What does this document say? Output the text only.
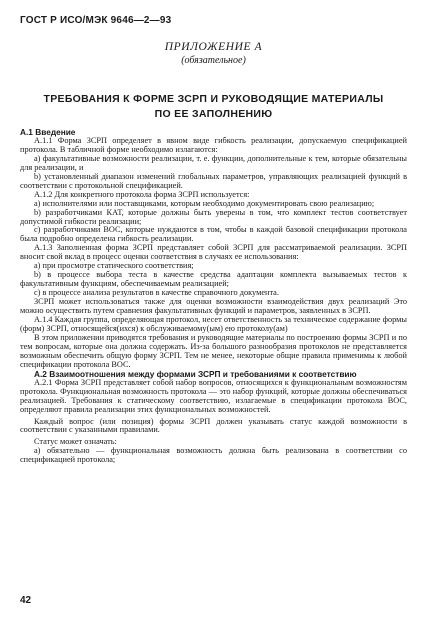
ГОСТ Р ИСО/МЭК 9646—2—93
ПРИЛОЖЕНИЕ А
(обязательное)
ТРЕБОВАНИЯ К ФОРМЕ ЗСРП И РУКОВОДЯЩИЕ МАТЕРИАЛЫ
ПО ЕЕ ЗАПОЛНЕНИЮ

А.1 Введение

А.1.1 Форма ЗСРП определяет в явном виде гибкость реализации, допускаемую спецификацией протокола. В табличной форме необходимо излагаются:

а) факультативные возможности реализации, т. е. функции, дополнительные к тем, которые обязательны для реализации, и

b) установленный диапазон изменений глобальных параметров, управляющих реализацией функций в соответствии с протокольной спецификацией.

А.1.2 Для конкретного протокола форма ЗСРП используется:

а) исполнителями или поставщиками, которым необходимо документировать свою реализацию;

b) разработчиками КАТ, которые должны быть уверены в том, что комплект тестов соответствует допустимой гибкости реализации;

c) разработчиками ВОС, которые нуждаются в том, чтобы в каждой базовой спецификации протокола была подробно определена гибкость реализации.

А.1.3 Заполненная форма ЗСРП представляет собой ЗСРП для рассматриваемой реализации. ЗСРП вносит свой вклад в процесс оценки соответствия в случаях ее использования:

а) при просмотре статического соответствия;

b) в процессе выбора теста в качестве средства адаптации комплекта вызываемых тестов к факультативным функциям, обеспечиваемым реализацией;

c) в процессе анализа результатов в качестве справочного документа.

ЗСРП может использоваться также для оценки возможности взаимодействия двух реализаций Это можно осуществить путем сравнения факультативных функций и параметров, заявленных в ЗСРП.

А.1.4 Каждая группа, определяющая протокол, несет ответственность за техническое содержание формы (форм) ЗСРП, относящейся(ихся) к обслуживаемому(ым) ею протоколу(ам)

В этом приложении приводятся требования и руководящие материалы по построению формы ЗСРП и по тем вопросам, которые она должна содержать. Из-за большого разнообразия протоколов не представляется возможным обеспечить общую форму ЗСРП. Тем не менее, некоторые общие правила применимы к любой спецификации протокола ВОС.

А.2 Взаимоотношения между формами ЗСРП и требованиями к соответствию

А.2.1 Форма ЗСРП представляет собой набор вопросов, относящихся к функциональным возможностям протокола. Функциональная возможность протокола — это набор функций, которые должны обеспечиваться реализацией. Требования к статическому соответствию, излагаемые в спецификации протокола ВОС, определяют правила реализации этих функциональных возможностей.

Каждый вопрос (или позиция) формы ЗСРП должен указывать статус каждой возможности в соответствии с указанными правилами.

Статус может означать:

а) обязательно — функциональная возможность должна быть реализована в соответствии со спецификацией протокола;

42
